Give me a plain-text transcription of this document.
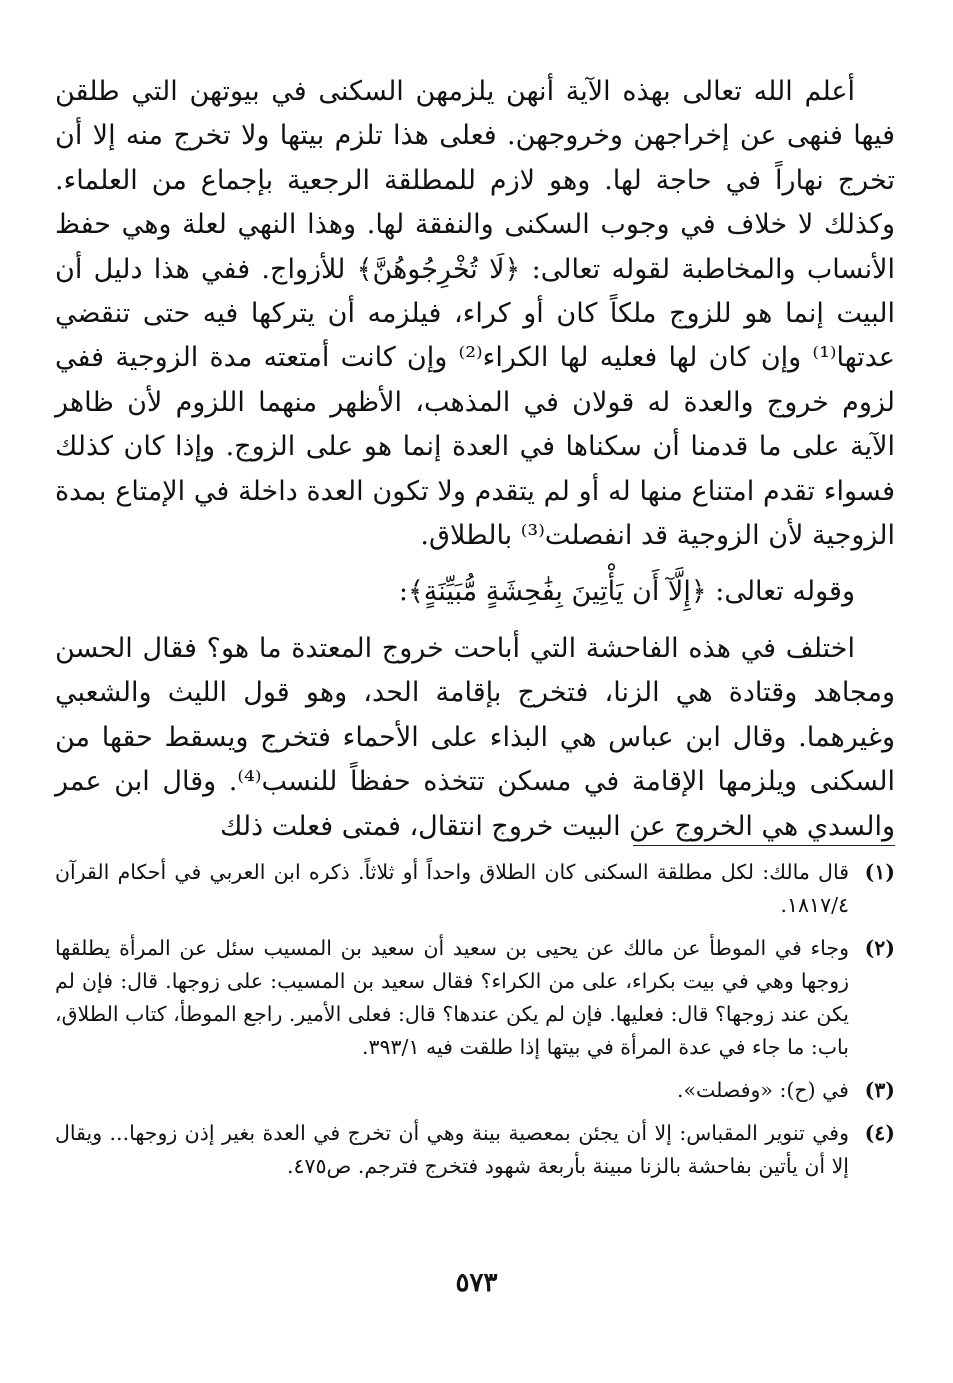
أعلم الله تعالى بهذه الآية أنهن يلزمهن السكنى في بيوتهن التي طلقن فيها فنهى عن إخراجهن وخروجهن. فعلى هذا تلزم بيتها ولا تخرج منه إلا أن تخرج نهاراً في حاجة لها. وهو لازم للمطلقة الرجعية بإجماع من العلماء. وكذلك لا خلاف في وجوب السكنى والنفقة لها. وهذا النهي لعلة وهي حفظ الأنساب والمخاطبة لقوله تعالى: ﴿لَا تُخْرِجُوهُنَّ﴾ للأزواج. ففي هذا دليل أن البيت إنما هو للزوج ملكاً كان أو كراء، فيلزمه أن يتركها فيه حتى تنقضي عدتها⁽¹⁾ وإن كان لها فعليه لها الكراء⁽²⁾ وإن كانت أمتعته مدة الزوجية ففي لزوم خروج والعدة له قولان في المذهب، الأظهر منهما اللزوم لأن ظاهر الآية على ما قدمنا أن سكناها في العدة إنما هو على الزوج. وإذا كان كذلك فسواء تقدم امتناع منها له أو لم يتقدم ولا تكون العدة داخلة في الإمتاع بمدة الزوجية لأن الزوجية قد انفصلت⁽³⁾ بالطلاق.

وقوله تعالى: ﴿إِلَّآ أَن يَأْتِينَ بِفَٰحِشَةٍ مُّبَيِّنَةٍ﴾:

اختلف في هذه الفاحشة التي أباحت خروج المعتدة ما هو؟ فقال الحسن ومجاهد وقتادة هي الزنا، فتخرج بإقامة الحد، وهو قول الليث والشعبي وغيرهما. وقال ابن عباس هي البذاء على الأحماء فتخرج ويسقط حقها من السكنى ويلزمها الإقامة في مسكن تتخذه حفظاً للنسب⁽⁴⁾. وقال ابن عمر والسدي هي الخروج عن البيت خروج انتقال، فمتى فعلت ذلك

(١)
قال مالك: لكل مطلقة السكنى كان الطلاق واحداً أو ثلاثاً. ذكره ابن العربي في أحكام القرآن ١٨١٧/٤.
(٢)
وجاء في الموطأ عن مالك عن يحيى بن سعيد أن سعيد بن المسيب سئل عن المرأة يطلقها زوجها وهي في بيت بكراء، على من الكراء؟ فقال سعيد بن المسيب: على زوجها. قال: فإن لم يكن عند زوجها؟ قال: فعليها. فإن لم يكن عندها؟ قال: فعلى الأمير. راجع الموطأ، كتاب الطلاق، باب: ما جاء في عدة المرأة في بيتها إذا طلقت فيه ٣٩٣/١.
(٣)
في (ح): «وفصلت».
(٤)
وفي تنوير المقباس: إلا أن يجئن بمعصية بينة وهي أن تخرج في العدة بغير إذن زوجها... ويقال إلا أن يأتين بفاحشة بالزنا مبينة بأربعة شهود فتخرج فترجم. ص٤٧٥.
٥٧٣
